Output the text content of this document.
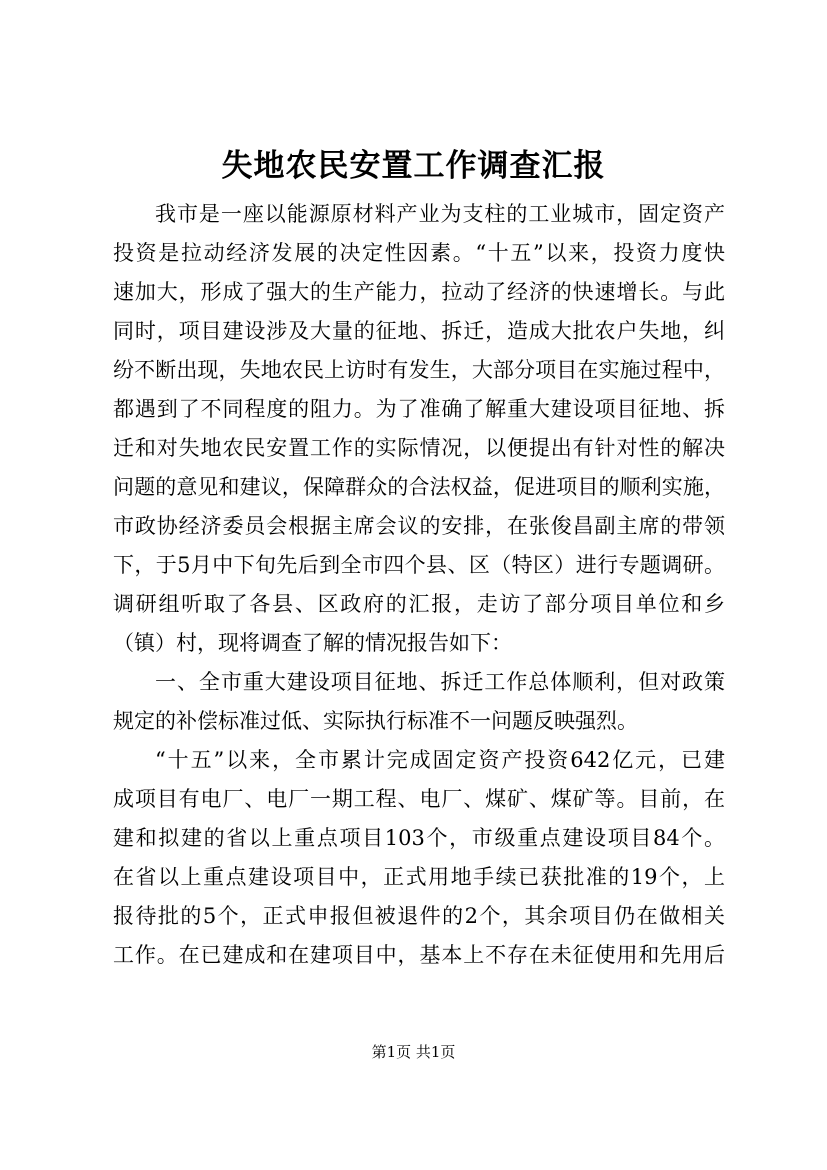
失地农民安置工作调查汇报
我市是一座以能源原材料产业为支柱的工业城市，固定资产
投资是拉动经济发展的决定性因素。“十五”以来，投资力度快
速加大，形成了强大的生产能力，拉动了经济的快速增长。与此
同时，项目建设涉及大量的征地、拆迁，造成大批农户失地，纠
纷不断出现，失地农民上访时有发生，大部分项目在实施过程中，
都遇到了不同程度的阻力。为了准确了解重大建设项目征地、拆
迁和对失地农民安置工作的实际情况，以便提出有针对性的解决
问题的意见和建议，保障群众的合法权益，促进项目的顺利实施，
市政协经济委员会根据主席会议的安排，在张俊昌副主席的带领
下，于5月中下旬先后到全市四个县、区（特区）进行专题调研。
调研组听取了各县、区政府的汇报，走访了部分项目单位和乡
（镇）村，现将调查了解的情况报告如下：
一、全市重大建设项目征地、拆迁工作总体顺利，但对政策
规定的补偿标准过低、实际执行标准不一问题反映强烈。
“十五”以来，全市累计完成固定资产投资642亿元，已建
成项目有电厂、电厂一期工程、电厂、煤矿、煤矿等。目前，在
建和拟建的省以上重点项目103个，市级重点建设项目84个。
在省以上重点建设项目中，正式用地手续已获批准的19个，上
报待批的5个，正式申报但被退件的2个，其余项目仍在做相关
工作。在已建成和在建项目中，基本上不存在未征使用和先用后
第1页 共1页
